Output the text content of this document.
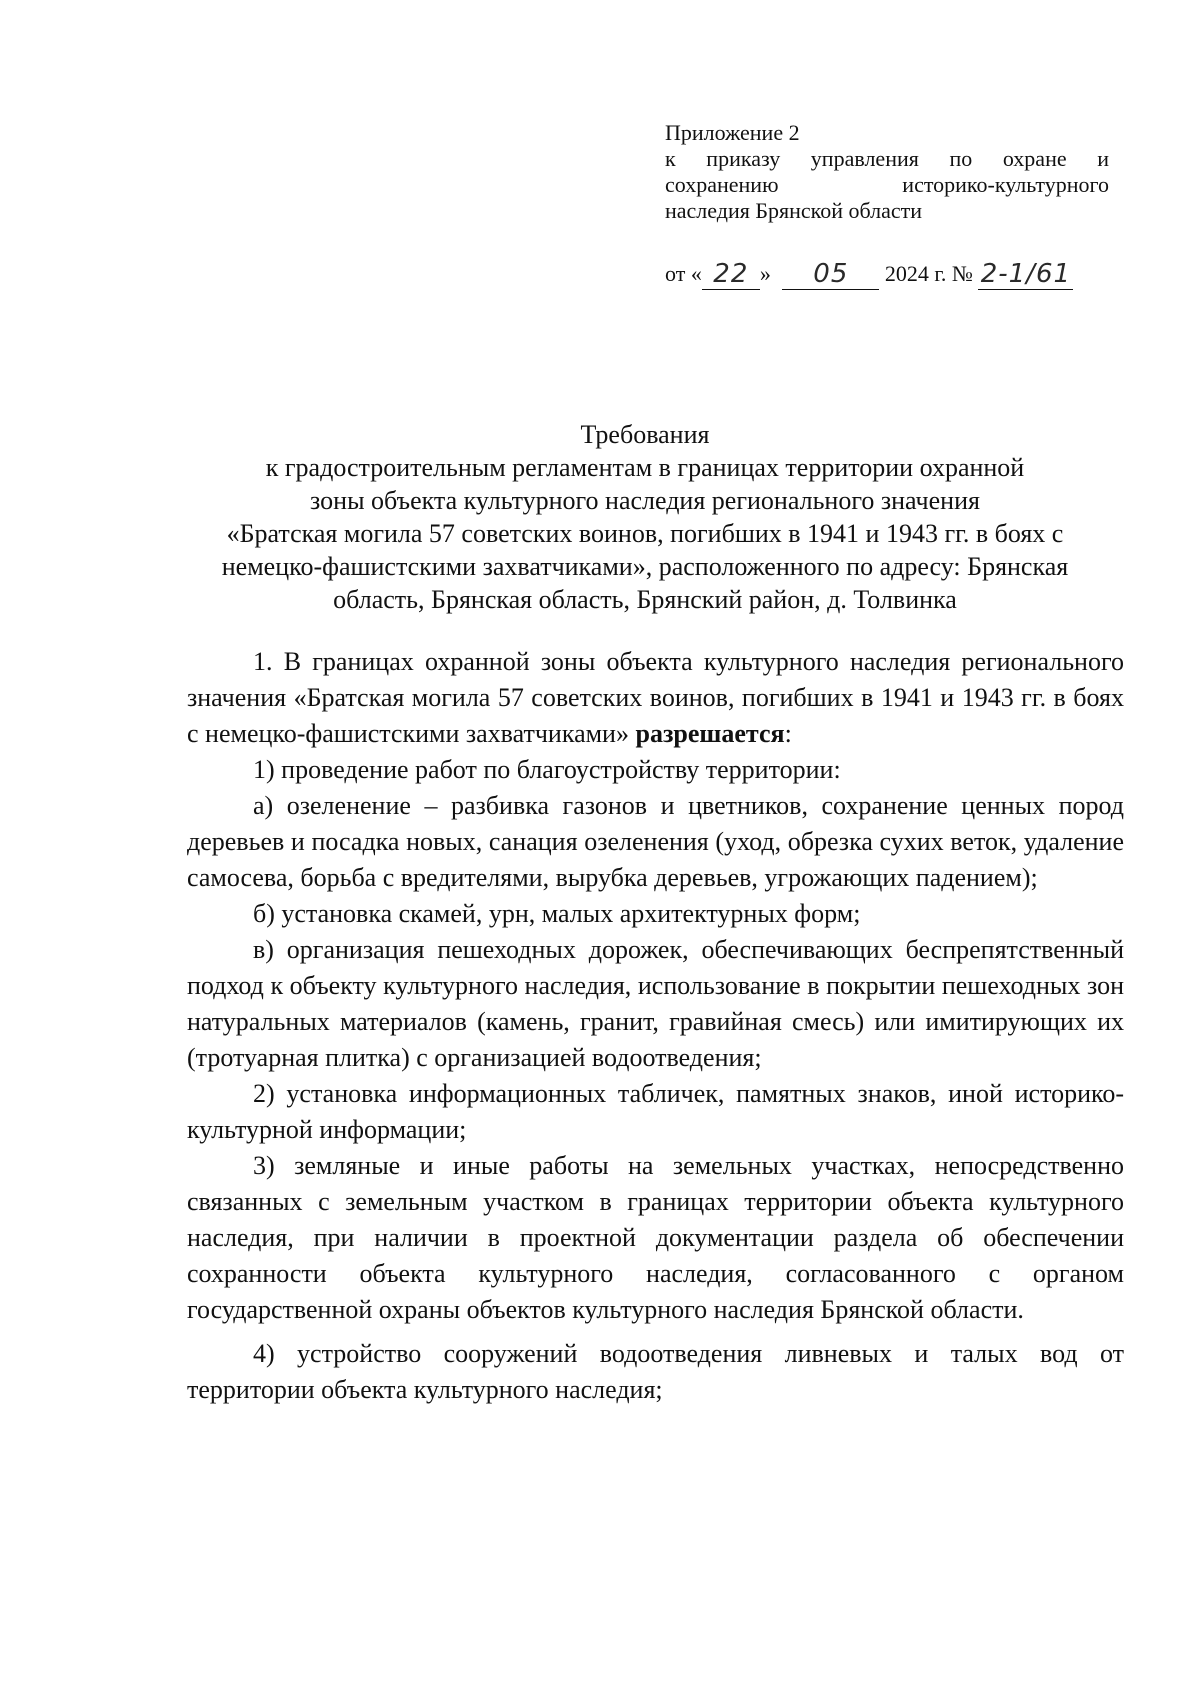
Приложение 2
к приказу управления по охране и
сохранению историко-культурного
наследия Брянской области
от « 22 » 05 2024 г. № 2-1/61
Требования
к градостроительным регламентам в границах территории охранной
зоны объекта культурного наследия регионального значения
«Братская могила 57 советских воинов, погибших в 1941 и 1943 гг. в боях с
немецко-фашистскими захватчиками», расположенного по адресу: Брянская
область, Брянская область, Брянский район, д. Толвинка

1. В границах охранной зоны объекта культурного наследия регионального значения «Братская могила 57 советских воинов, погибших в 1941 и 1943 гг. в боях с немецко-фашистскими захватчиками» разрешается:

1) проведение работ по благоустройству территории:

а) озеленение – разбивка газонов и цветников, сохранение ценных пород деревьев и посадка новых, санация озеленения (уход, обрезка сухих веток, удаление самосева, борьба с вредителями, вырубка деревьев, угрожающих падением);

б) установка скамей, урн, малых архитектурных форм;

в) организация пешеходных дорожек, обеспечивающих беспрепятственный подход к объекту культурного наследия, использование в покрытии пешеходных зон натуральных материалов (камень, гранит, гравийная смесь) или имитирующих их (тротуарная плитка) с организацией водоотведения;

2) установка информационных табличек, памятных знаков, иной историко-культурной информации;

3) земляные и иные работы на земельных участках, непосредственно связанных с земельным участком в границах территории объекта культурного наследия, при наличии в проектной документации раздела об обеспечении сохранности объекта культурного наследия, согласованного с органом государственной охраны объектов культурного наследия Брянской области.

4) устройство сооружений водоотведения ливневых и талых вод от территории объекта культурного наследия;
